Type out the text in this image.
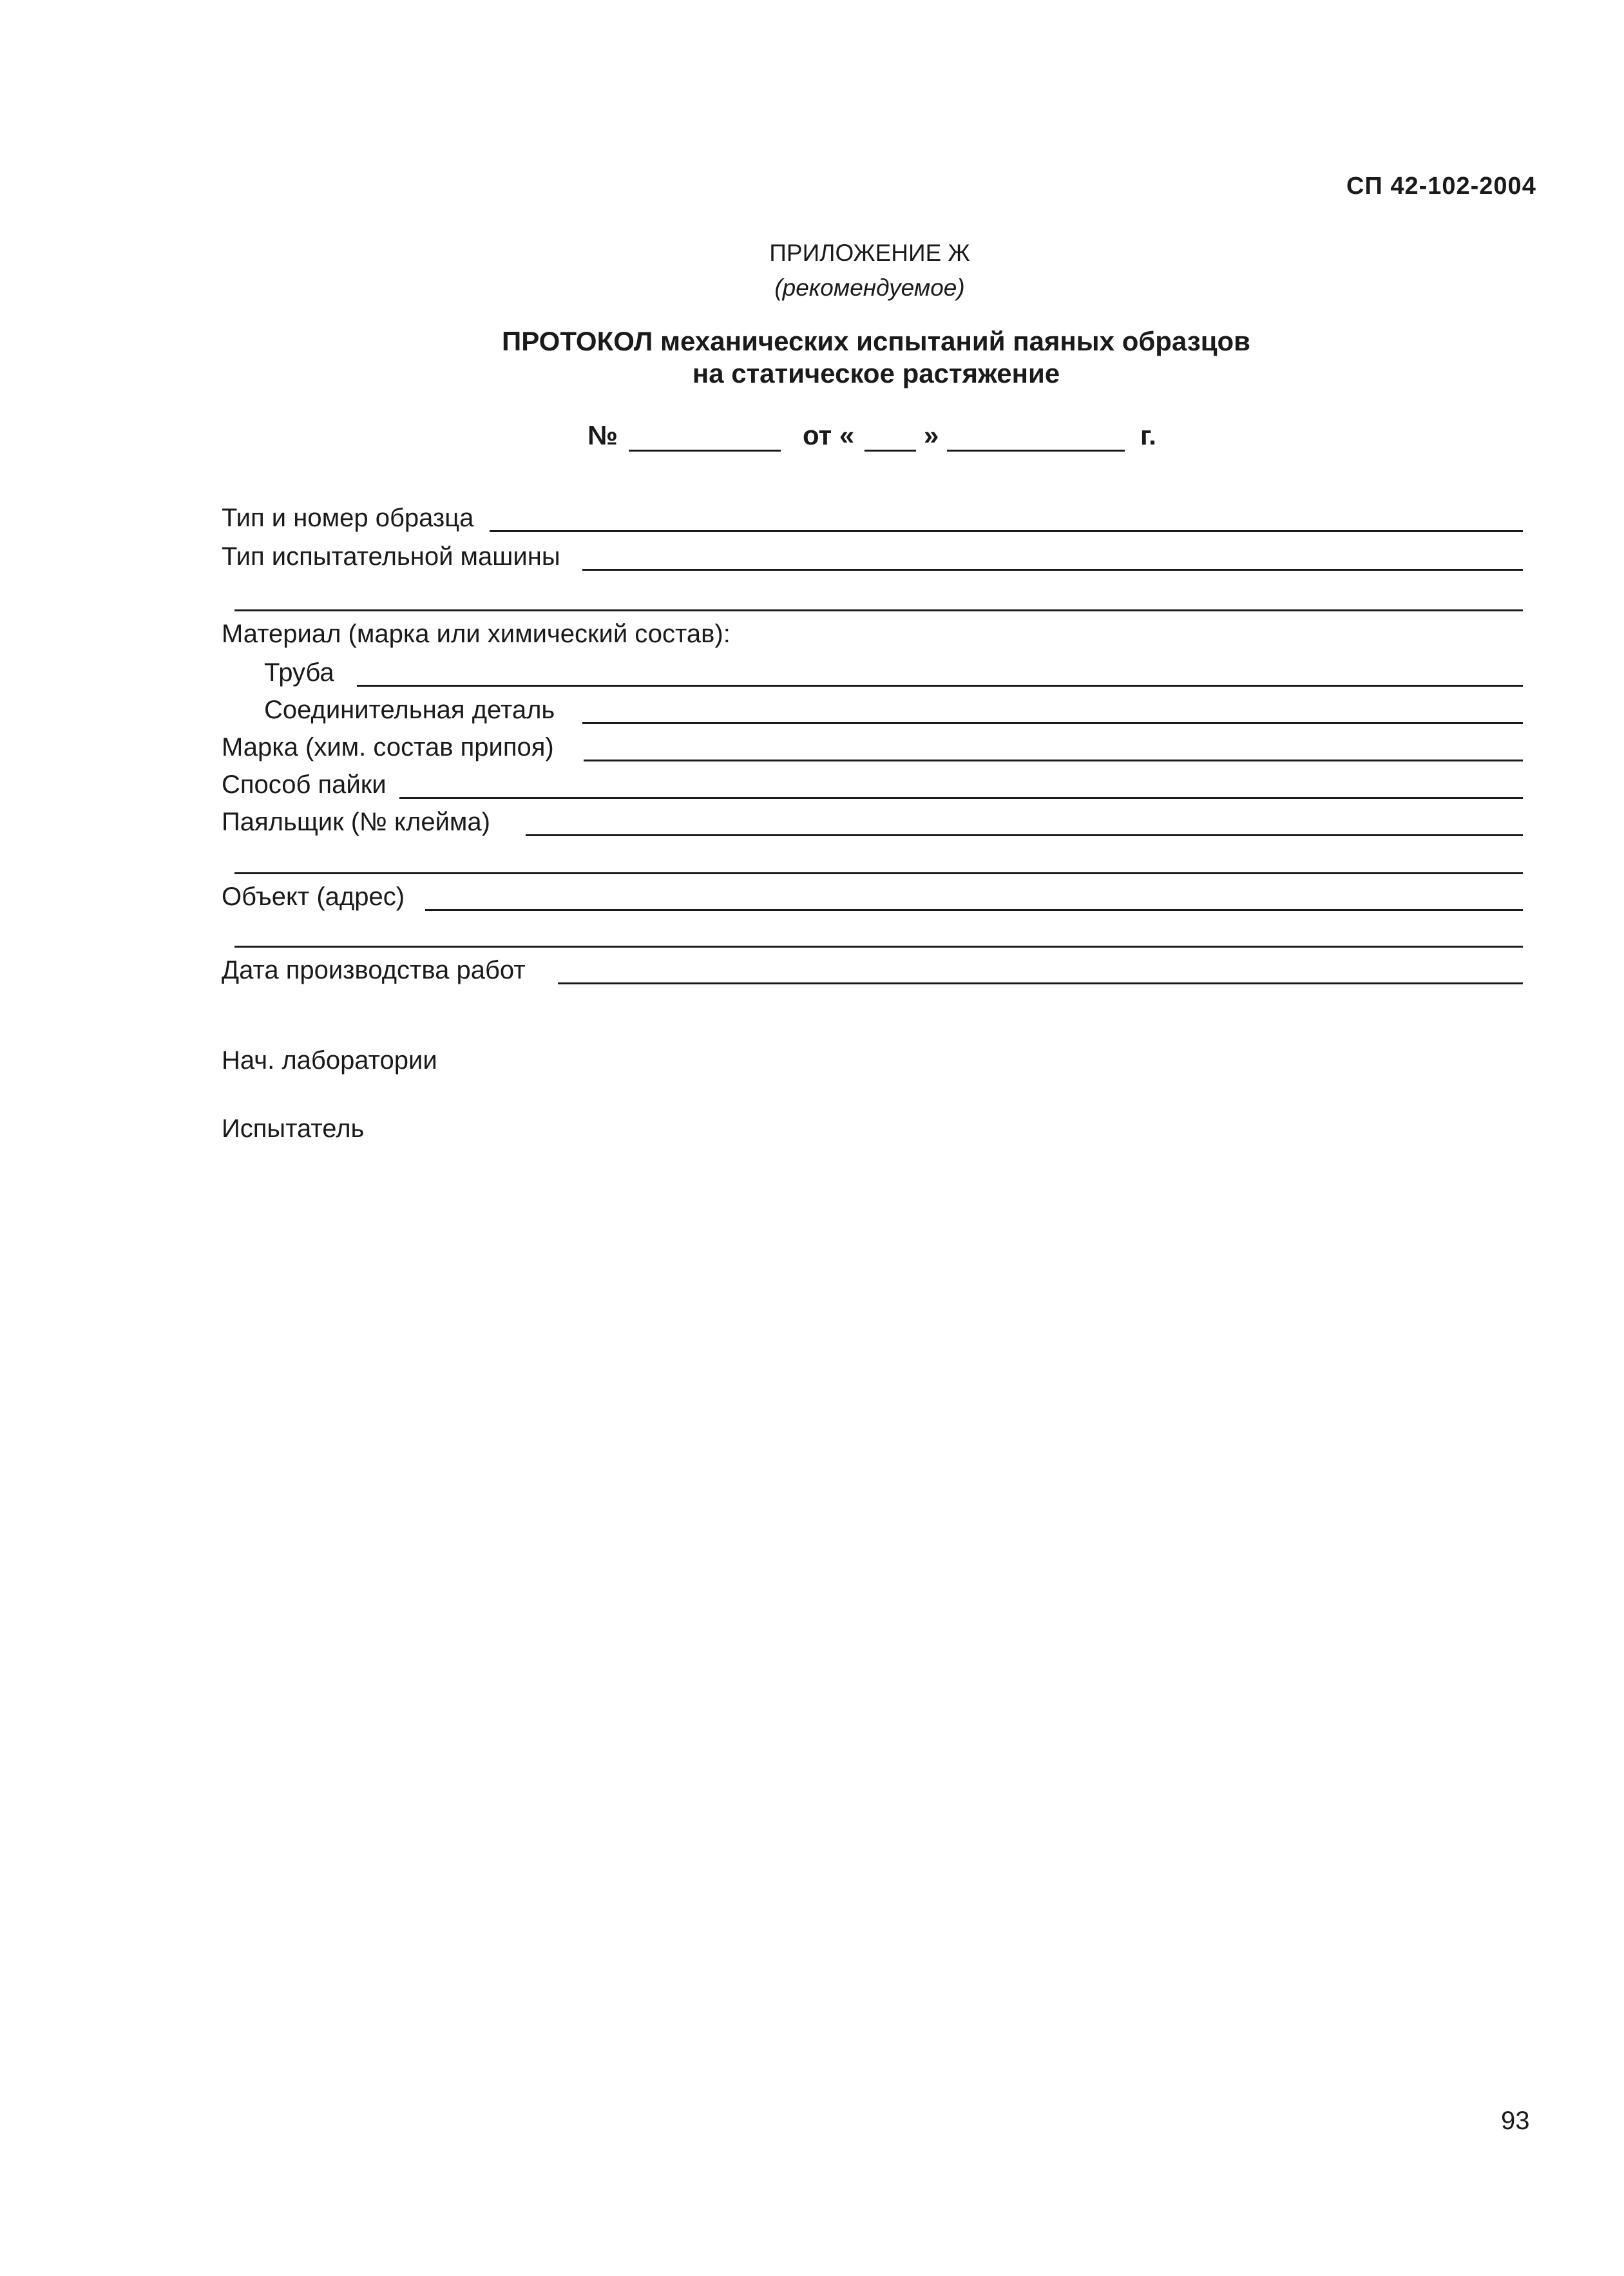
СП 42-102-2004
ПРИЛОЖЕНИЕ Ж
(рекомендуемое)
ПРОТОКОЛ механических испытаний паяных образцов
на статическое растяжение
№	от «	»	г.
Тип и номер образца
Тип испытательной машины
Материал (марка или химический состав):
Труба
Соединительная деталь
Марка (хим. состав припоя)
Способ пайки
Паяльщик (№ клейма)
Объект (адрес)
Дата производства работ
Нач. лаборатории
Испытатель
93
